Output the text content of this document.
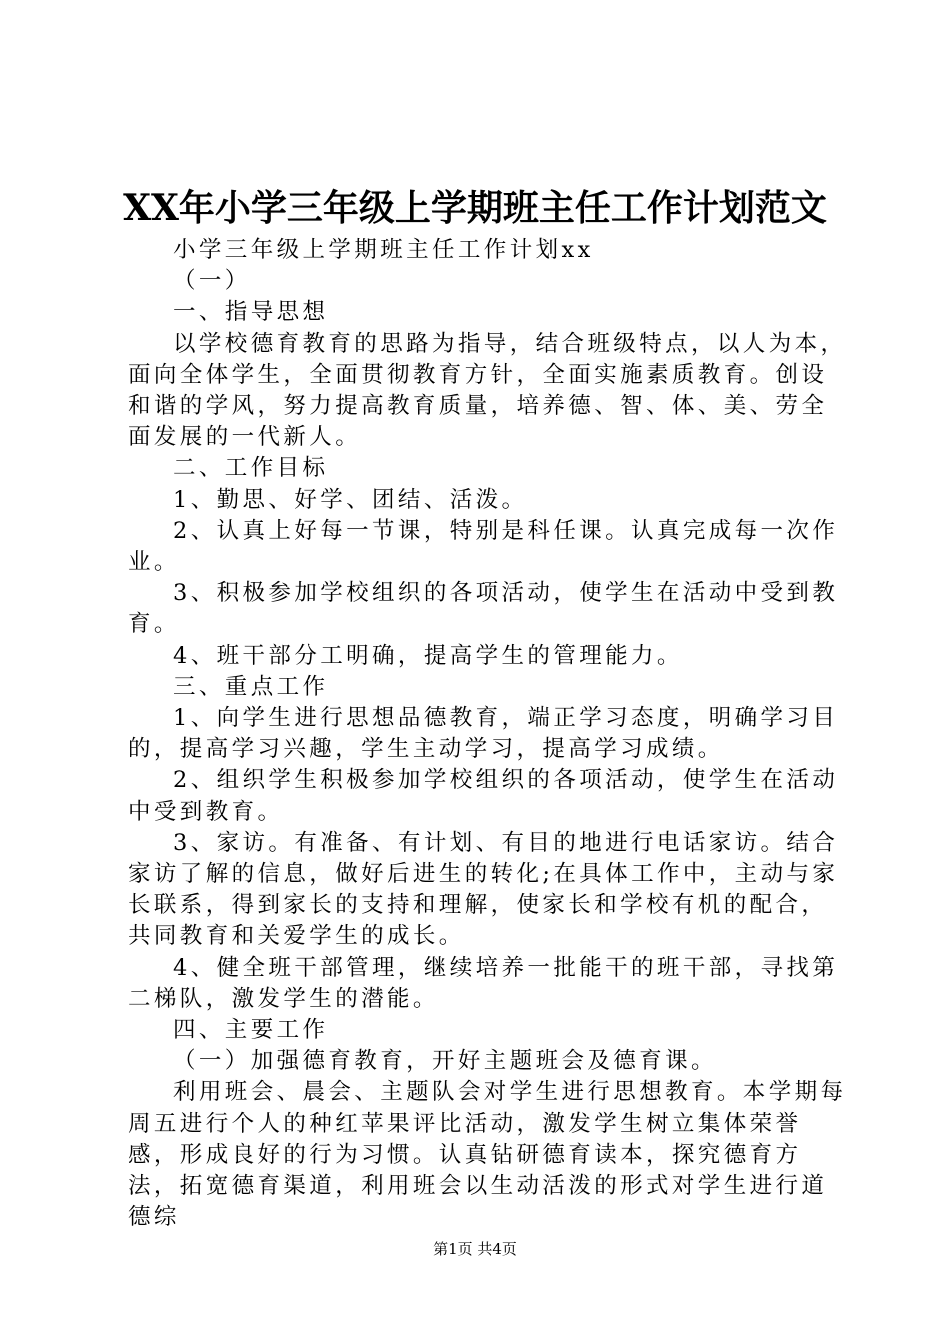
XX年小学三年级上学期班主任工作计划范文

小学三年级上学期班主任工作计划xx

（一）

一、指导思想

以学校德育教育的思路为指导，结合班级特点，以人为本，面向全体学生，全面贯彻教育方针，全面实施素质教育。创设和谐的学风，努力提高教育质量，培养德、智、体、美、劳全面发展的一代新人。

二、工作目标

1、勤思、好学、团结、活泼。

2、认真上好每一节课，特别是科任课。认真完成每一次作业。

3、积极参加学校组织的各项活动，使学生在活动中受到教育。

4、班干部分工明确，提高学生的管理能力。

三、重点工作

1、向学生进行思想品德教育，端正学习态度，明确学习目的，提高学习兴趣，学生主动学习，提高学习成绩。

2、组织学生积极参加学校组织的各项活动，使学生在活动中受到教育。

3、家访。有准备、有计划、有目的地进行电话家访。结合家访了解的信息，做好后进生的转化;在具体工作中，主动与家长联系，得到家长的支持和理解，使家长和学校有机的配合，共同教育和关爱学生的成长。

4、健全班干部管理，继续培养一批能干的班干部，寻找第二梯队，激发学生的潜能。

四、主要工作

（一）加强德育教育，开好主题班会及德育课。

利用班会、晨会、主题队会对学生进行思想教育。本学期每周五进行个人的种红苹果评比活动，激发学生树立集体荣誉感，形成良好的行为习惯。认真钻研德育读本，探究德育方法，拓宽德育渠道，利用班会以生动活泼的形式对学生进行道德综

第1页 共4页
